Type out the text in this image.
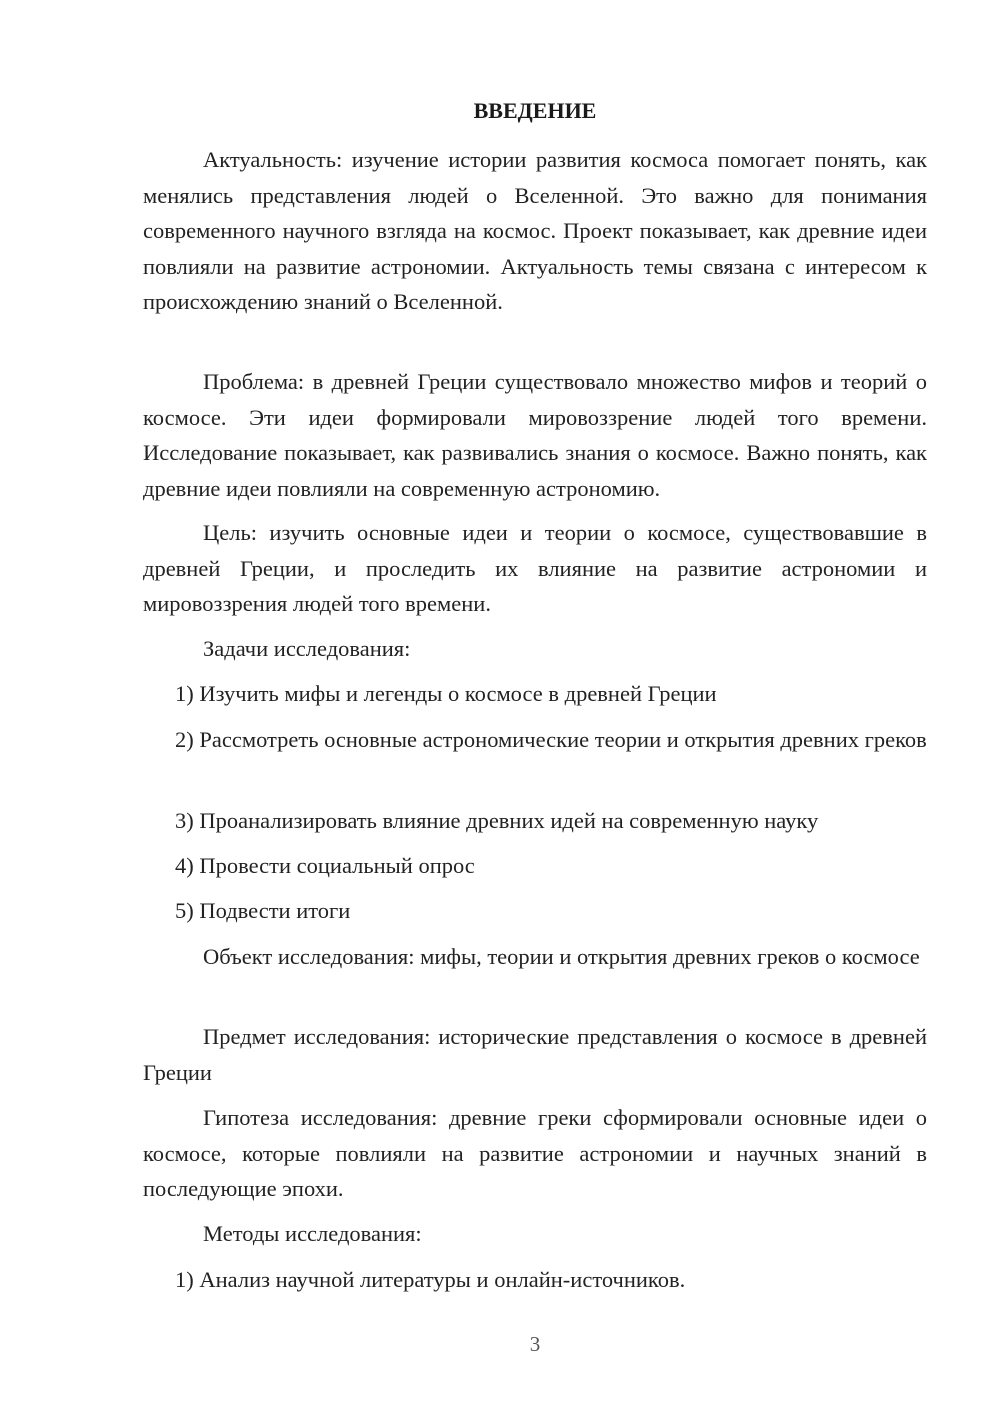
ВВЕДЕНИЕ

Актуальность: изучение истории развития космоса помогает понять, как менялись представления людей о Вселенной. Это важно для понимания современного научного взгляда на космос. Проект показывает, как древние идеи повлияли на развитие астрономии. Актуальность темы связана с интересом к происхождению знаний о Вселенной.

Проблема: в древней Греции существовало множество мифов и теорий о космосе. Эти идеи формировали мировоззрение людей того времени. Исследование показывает, как развивались знания о космосе. Важно понять, как древние идеи повлияли на современную астрономию.

Цель: изучить основные идеи и теории о космосе, существовавшие в древней Греции, и проследить их влияние на развитие астрономии и мировоззрения людей того времени.

Задачи исследования:

1) Изучить мифы и легенды о космосе в древней Греции

2) Рассмотреть основные астрономические теории и открытия древних греков

3) Проанализировать влияние древних идей на современную науку

4) Провести социальный опрос

5) Подвести итоги

Объект исследования: мифы, теории и открытия древних греков о космосе

Предмет исследования: исторические представления о космосе в древней Греции

Гипотеза исследования: древние греки сформировали основные идеи о космосе, которые повлияли на развитие астрономии и научных знаний в последующие эпохи.

Методы исследования:

1) Анализ научной литературы и онлайн-источников.

3
